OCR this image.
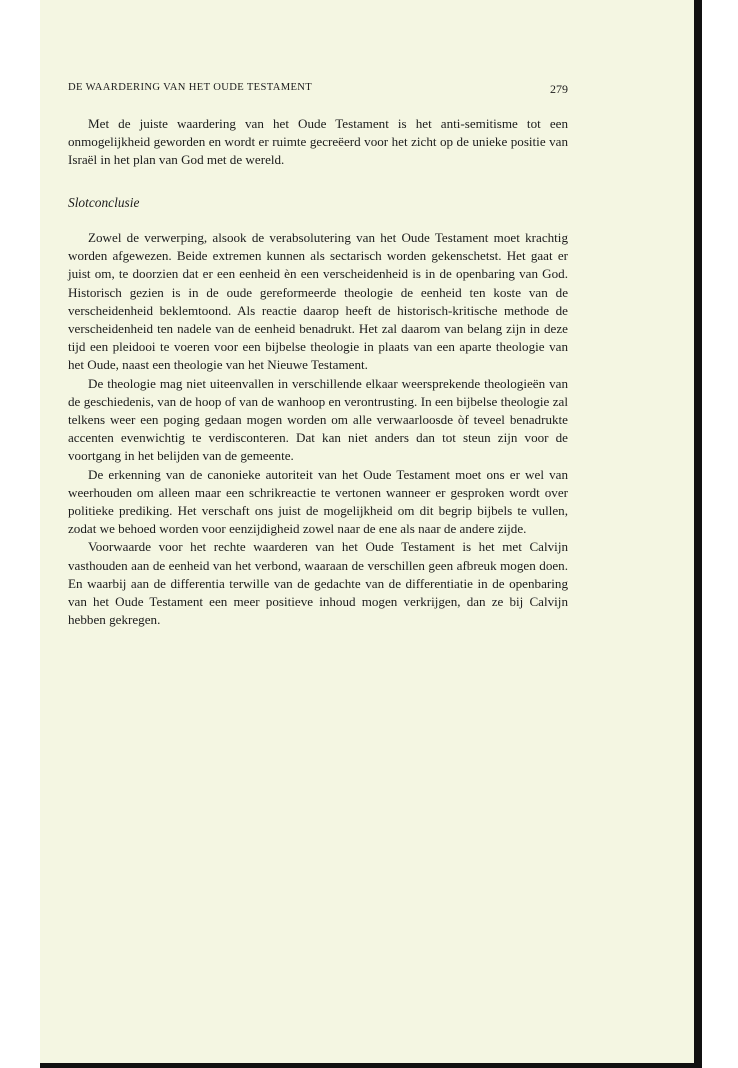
DE WAARDERING VAN HET OUDE TESTAMENT	279

Met de juiste waardering van het Oude Testament is het anti-semitisme tot een onmogelijkheid geworden en wordt er ruimte gecreëerd voor het zicht op de unieke positie van Israël in het plan van God met de wereld.

Slotconclusie

Zowel de verwerping, alsook de verabsolutering van het Oude Testament moet krachtig worden afgewezen. Beide extremen kunnen als sectarisch worden gekenschetst. Het gaat er juist om, te doorzien dat er een eenheid èn een verscheidenheid is in de openbaring van God. Historisch gezien is in de oude gereformeerde theologie de eenheid ten koste van de verscheidenheid beklemtoond. Als reactie daarop heeft de historisch-kritische methode de verscheidenheid ten nadele van de eenheid benadrukt. Het zal daarom van belang zijn in deze tijd een pleidooi te voeren voor een bijbelse theologie in plaats van een aparte theologie van het Oude, naast een theologie van het Nieuwe Testament.

De theologie mag niet uiteenvallen in verschillende elkaar weersprekende theologieën van de geschiedenis, van de hoop of van de wanhoop en verontrusting. In een bijbelse theologie zal telkens weer een poging gedaan mogen worden om alle verwaarloosde òf teveel benadrukte accenten evenwichtig te verdisconteren. Dat kan niet anders dan tot steun zijn voor de voortgang in het belijden van de gemeente.

De erkenning van de canonieke autoriteit van het Oude Testament moet ons er wel van weerhouden om alleen maar een schrikreactie te vertonen wanneer er gesproken wordt over politieke prediking. Het verschaft ons juist de mogelijkheid om dit begrip bijbels te vullen, zodat we behoed worden voor eenzijdigheid zowel naar de ene als naar de andere zijde.

Voorwaarde voor het rechte waarderen van het Oude Testament is het met Calvijn vasthouden aan de eenheid van het verbond, waaraan de verschillen geen afbreuk mogen doen. En waarbij aan de differentia terwille van de gedachte van de differentiatie in de openbaring van het Oude Testament een meer positieve inhoud mogen verkrijgen, dan ze bij Calvijn hebben gekregen.
